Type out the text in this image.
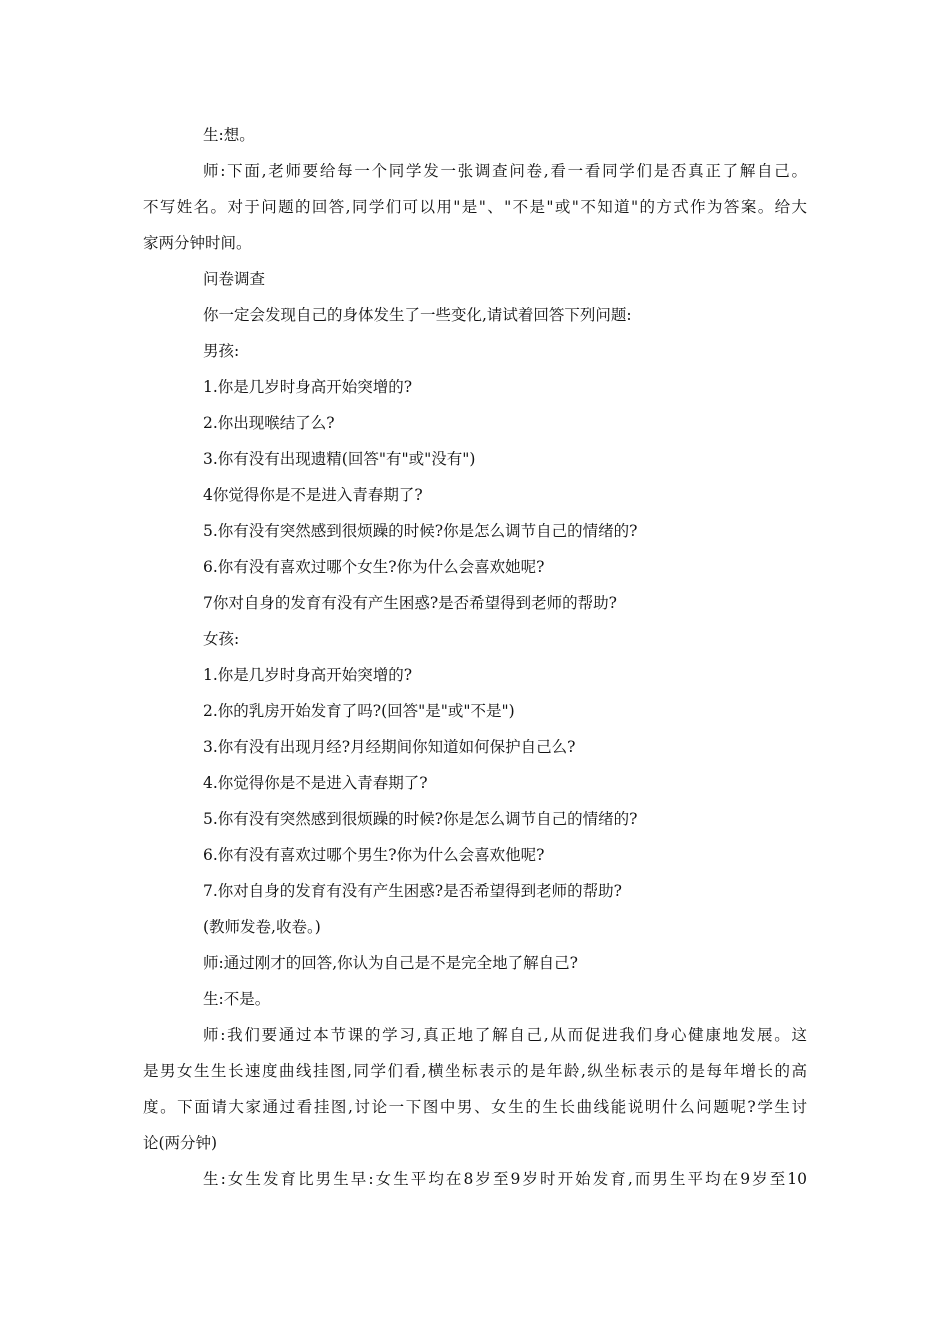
生:想。
师:下面,老师要给每一个同学发一张调查问卷,看一看同学们是否真正了解自己。
不写姓名。对于问题的回答,同学们可以用"是"、"不是"或"不知道"的方式作为答案。给大
家两分钟时间。
问卷调查
你一定会发现自己的身体发生了一些变化,请试着回答下列问题:
男孩:
1.你是几岁时身高开始突增的?
2.你出现喉结了么?
3.你有没有出现遗精(回答"有"或"没有")
4你觉得你是不是进入青春期了?
5.你有没有突然感到很烦躁的时候?你是怎么调节自己的情绪的?
6.你有没有喜欢过哪个女生?你为什么会喜欢她呢?
7你对自身的发育有没有产生困惑?是否希望得到老师的帮助?
女孩:
1.你是几岁时身高开始突增的?
2.你的乳房开始发育了吗?(回答"是"或"不是")
3.你有没有出现月经?月经期间你知道如何保护自己么?
4.你觉得你是不是进入青春期了?
5.你有没有突然感到很烦躁的时候?你是怎么调节自己的情绪的?
6.你有没有喜欢过哪个男生?你为什么会喜欢他呢?
7.你对自身的发育有没有产生困惑?是否希望得到老师的帮助?
(教师发卷,收卷。)
师:通过刚才的回答,你认为自己是不是完全地了解自己?
生:不是。
师:我们要通过本节课的学习,真正地了解自己,从而促进我们身心健康地发展。这
是男女生生长速度曲线挂图,同学们看,横坐标表示的是年龄,纵坐标表示的是每年增长的高
度。下面请大家通过看挂图,讨论一下图中男、女生的生长曲线能说明什么问题呢?学生讨
论(两分钟)
生:女生发育比男生早:女生平均在8岁至9岁时开始发育,而男生平均在9岁至10
